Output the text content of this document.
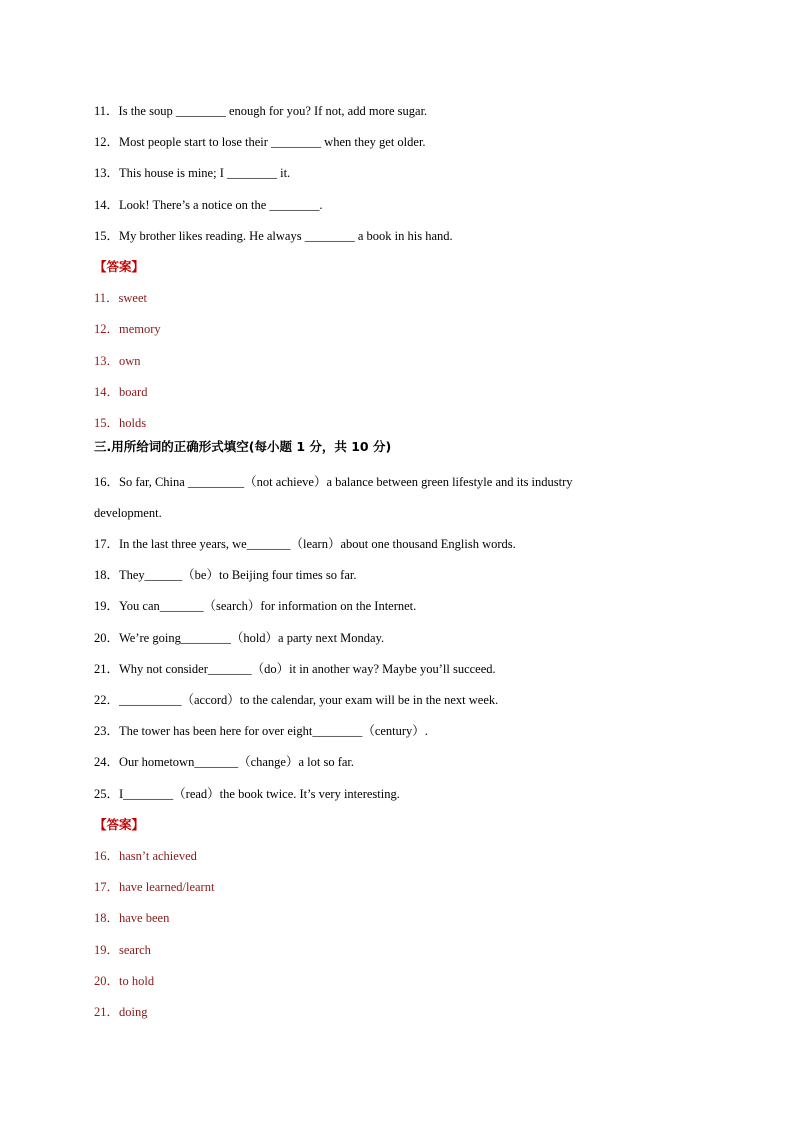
11．Is the soup ________ enough for you? If not, add more sugar.
12．Most people start to lose their ________ when they get older.
13．This house is mine; I ________ it.
14．Look! There’s a notice on the ________.
15．My brother likes reading. He always ________ a book in his hand.
【答案】
11．sweet
12．memory
13．own
14．board
15．holds
三.用所给词的正确形式填空(每小题 1 分，共 10 分)
16．So far, China _________（not achieve）a balance between green lifestyle and its industry
development.
17．In the last three years, we_______（learn）about one thousand English words.
18．They______（be）to Beijing four times so far.
19．You can_______（search）for information on the Internet.
20．We’re going________（hold）a party next Monday.
21．Why not consider_______（do）it in another way? Maybe you’ll succeed.
22．__________（accord）to the calendar, your exam will be in the next week.
23．The tower has been here for over eight________（century）.
24．Our hometown_______（change）a lot so far.
25．I________（read）the book twice. It’s very interesting.
【答案】
16．hasn’t achieved
17．have learned/learnt
18．have been
19．search
20．to hold
21．doing
